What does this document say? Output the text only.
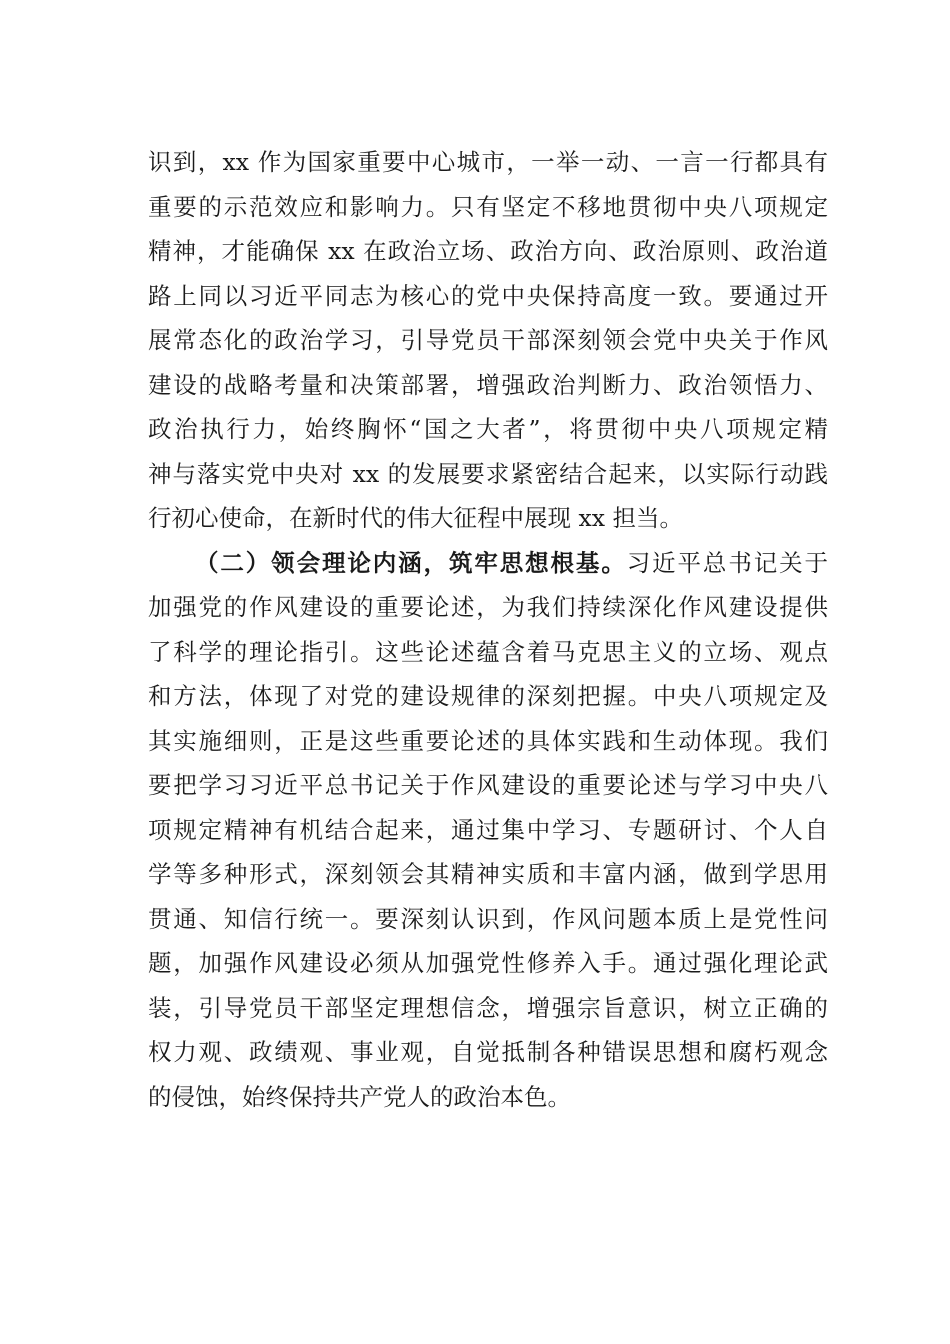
识到，xx 作为国家重要中心城市，一举一动、一言一行都具有
重要的示范效应和影响力。只有坚定不移地贯彻中央八项规定
精神，才能确保 xx 在政治立场、政治方向、政治原则、政治道
路上同以习近平同志为核心的党中央保持高度一致。要通过开
展常态化的政治学习，引导党员干部深刻领会党中央关于作风
建设的战略考量和决策部署，增强政治判断力、政治领悟力、
政治执行力，始终胸怀“国之大者”，将贯彻中央八项规定精
神与落实党中央对 xx 的发展要求紧密结合起来，以实际行动践
行初心使命，在新时代的伟大征程中展现 xx 担当。
（二）领会理论内涵，筑牢思想根基。习近平总书记关于
加强党的作风建设的重要论述，为我们持续深化作风建设提供
了科学的理论指引。这些论述蕴含着马克思主义的立场、观点
和方法，体现了对党的建设规律的深刻把握。中央八项规定及
其实施细则，正是这些重要论述的具体实践和生动体现。我们
要把学习习近平总书记关于作风建设的重要论述与学习中央八
项规定精神有机结合起来，通过集中学习、专题研讨、个人自
学等多种形式，深刻领会其精神实质和丰富内涵，做到学思用
贯通、知信行统一。要深刻认识到，作风问题本质上是党性问
题，加强作风建设必须从加强党性修养入手。通过强化理论武
装，引导党员干部坚定理想信念，增强宗旨意识，树立正确的
权力观、政绩观、事业观，自觉抵制各种错误思想和腐朽观念
的侵蚀，始终保持共产党人的政治本色。
